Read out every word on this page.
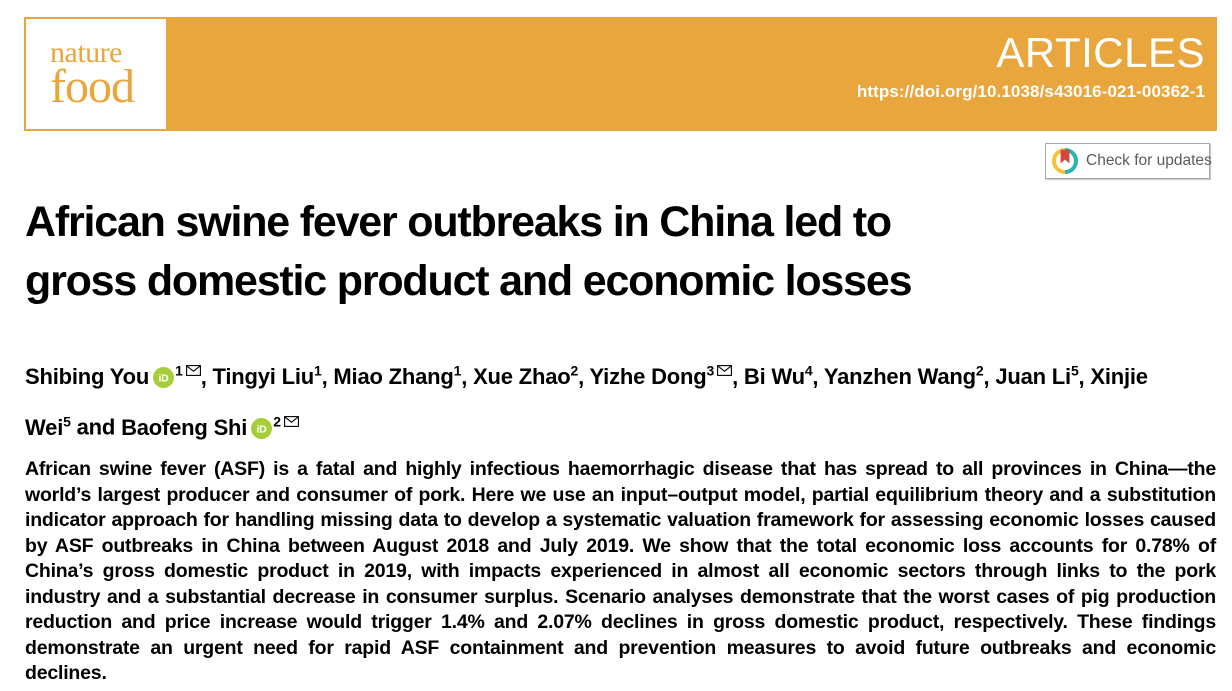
nature
food
ARTICLES
https://doi.org/10.1038/s43016-021-00362-1
Check for updates
African swine fever outbreaks in China led to
gross domestic product and economic losses
Shibing You iD
$^1$ , Tingyi Liu$^1$, Miao Zhang$^1$, Xue Zhao$^2$, Yizhe Dong$^3$ , Bi Wu$^4$, Yanzhen Wang$^2$, Juan Li$^5$, Xinjie Wei$^5$ and Baofeng Shi iD
$^2$

African swine fever (ASF) is a fatal and highly infectious haemorrhagic disease that has spread to all provinces in China—the world’s largest producer and consumer of pork. Here we use an input–output model, partial equilibrium theory and a substitution indicator approach for handling missing data to develop a systematic valuation framework for assessing economic losses caused by ASF outbreaks in China between August 2018 and July 2019. We show that the total economic loss accounts for 0.78% of China’s gross domestic product in 2019, with impacts experienced in almost all economic sectors through links to the pork industry and a substantial decrease in consumer surplus. Scenario analyses demonstrate that the worst cases of pig production reduction and price increase would trigger 1.4% and 2.07% declines in gross domestic product, respectively. These findings demonstrate an urgent need for rapid ASF containment and prevention measures to avoid future outbreaks and economic declines.
